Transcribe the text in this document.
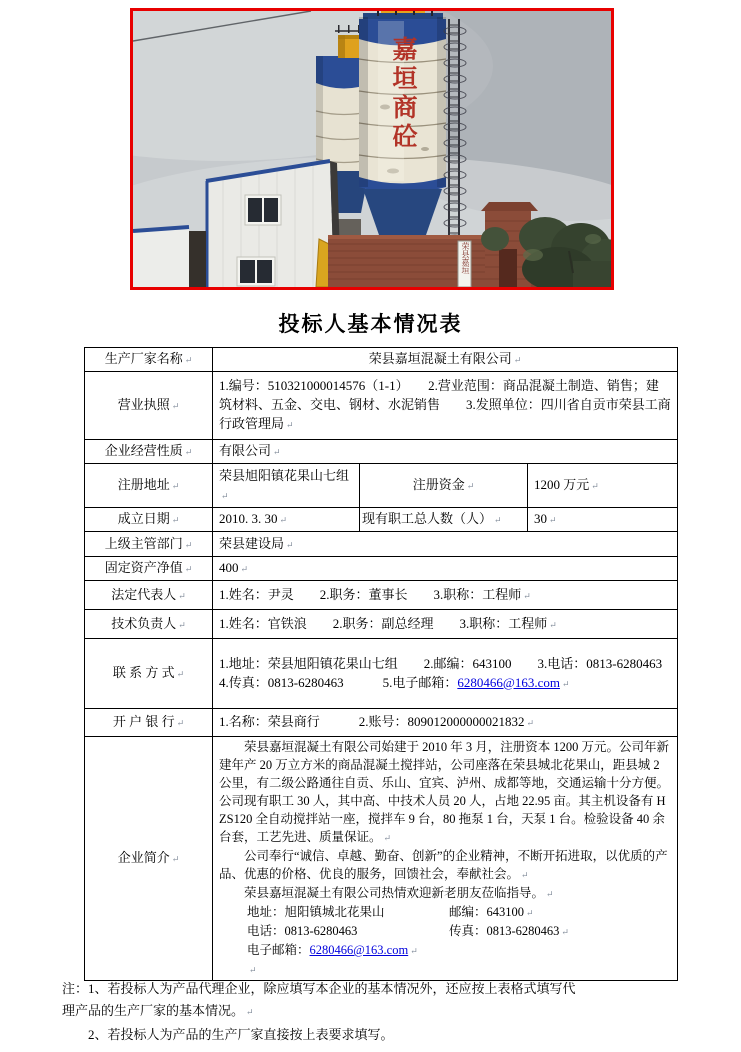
嘉垣商砼
荣县嘉垣
投标人基本情况表
生产厂家名称 ↵	荣县嘉垣混凝土有限公司 ↵		
营业执照 ↵	1.编号：510321000014576（1-1）　　2.营业范围：商品混凝土制造、销售；建筑材料、五金、交电、钢材、水泥销售　　3.发照单位：四川省自贡市荣县工商行政管理局 ↵		
企业经营性质 ↵	有限公司 ↵		
注册地址 ↵	荣县旭阳镇花果山七组↵	注册资金 ↵	1200 万元 ↵
成立日期 ↵	2010. 3. 30 ↵	现有职工总人数（人） ↵	30 ↵
上级主管部门 ↵	荣县建设局 ↵		
固定资产净值 ↵	400 ↵		
法定代表人 ↵	1.姓名：尹灵　　2.职务：董事长　　3.职称：工程师 ↵		
技术负责人 ↵	1.姓名：官铁浪　　2.职务：副总经理　　3.职称：工程师 ↵		
联 系 方 式 ↵	1.地址：荣县旭阳镇花果山七组　　2.邮编：643100　　3.电话：0813-6280463　　　4.传真：0813-6280463　　　5.电子邮箱：6280466@163.com ↵		
开 户 银 行 ↵	1.名称：荣县商行　　　2.账号：809012000000021832 ↵		
企业简介 ↵	

荣县嘉垣混凝土有限公司始建于 2010 年 3 月，注册资本 1200 万元。公司年新建年产 20 万立方米的商品混凝土搅拌站，公司座落在荣县城北花果山，距县城 2 公里，有二级公路通往自贡、乐山、宜宾、泸州、成都等地，交通运输十分方便。公司现有职工 30 人，其中高、中技术人员 20 人，占地 22.95 亩。其主机设备有 HZS120 全自动搅拌站一座，搅拌车 9 台，80 拖泵 1 台，天泵 1 台。检验设备 40 余台套，工艺先进、质量保证。 ↵

公司奉行“诚信、卓越、勤奋、创新”的企业精神，不断开拓进取，以优质的产品、优惠的价格、优良的服务，回馈社会，奉献社会。 ↵

荣县嘉垣混凝土有限公司热情欢迎新老朋友莅临指导。 ↵

地址：旭阳镇城北花果山	邮编：643100 ↵

电话：0813-6280463	传真：0813-6280463 ↵

电子邮箱：6280466@163.com ↵

↵

注：1、若投标人为产品代理企业，除应填写本企业的基本情况外，还应按上表格式填写代理产品的生产厂家的基本情况。 ↵

2、若投标人为产品的生产厂家直接按上表要求填写。
